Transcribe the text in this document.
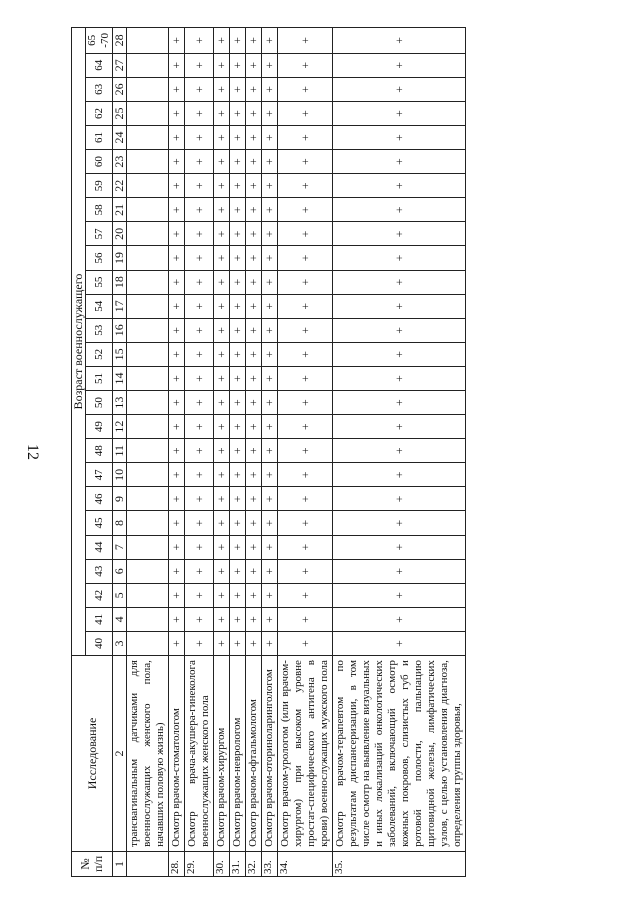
12
№ п/п	Исследование	Возраст военнослужащего																									
		40	41	42	43	44	45	46	47	48	49	50	51	52	53	54	55	56	57	58	59	60	61	62	63	64	65 -70
1	2	3	4	5	6	7	8	9	10	11	12	13	14	15	16	17	18	19	20	21	22	23	24	25	26	27	28
	трансвагинальным датчиками для военнослужащих женского пола, начавших половую жизнь)																										
28.	Осмотр врачом-стоматологом	+	+	+	+	+	+	+	+	+	+	+	+	+	+	+	+	+	+	+	+	+	+	+	+	+	+
29.	Осмотр врача-акушера-гинеколога военнослужащих женского пола	+	+	+	+	+	+	+	+	+	+	+	+	+	+	+	+	+	+	+	+	+	+	+	+	+	+
30.	Осмотр врачом-хирургом	+	+	+	+	+	+	+	+	+	+	+	+	+	+	+	+	+	+	+	+	+	+	+	+	+	+
31.	Осмотр врачом-неврологом	+	+	+	+	+	+	+	+	+	+	+	+	+	+	+	+	+	+	+	+	+	+	+	+	+	+
32.	Осмотр врачом-офтальмологом	+	+	+	+	+	+	+	+	+	+	+	+	+	+	+	+	+	+	+	+	+	+	+	+	+	+
33.	Осмотр врачом-оториноларингологом	+	+	+	+	+	+	+	+	+	+	+	+	+	+	+	+	+	+	+	+	+	+	+	+	+	+
34.	Осмотр врачом-урологом (или врачом-хирургом) при высоком уровне простат-специфического антигена в крови) военнослужащих мужского пола	+	+	+	+	+	+	+	+	+	+	+	+	+	+	+	+	+	+	+	+	+	+	+	+	+	+
35.	Осмотр врачом-терапевтом по результатам диспансеризации, в том числе осмотр на выявление визуальных и иных локализаций онкологических заболеваний, включающий осмотр кожных покровов, слизистых губ и ротовой полости, пальпацию щитовидной железы, лимфатических узлов, с целью установления диагноза, определения группы здоровья,	+	+	+	+	+	+	+	+	+	+	+	+	+	+	+	+	+	+	+	+	+	+	+	+	+	+
